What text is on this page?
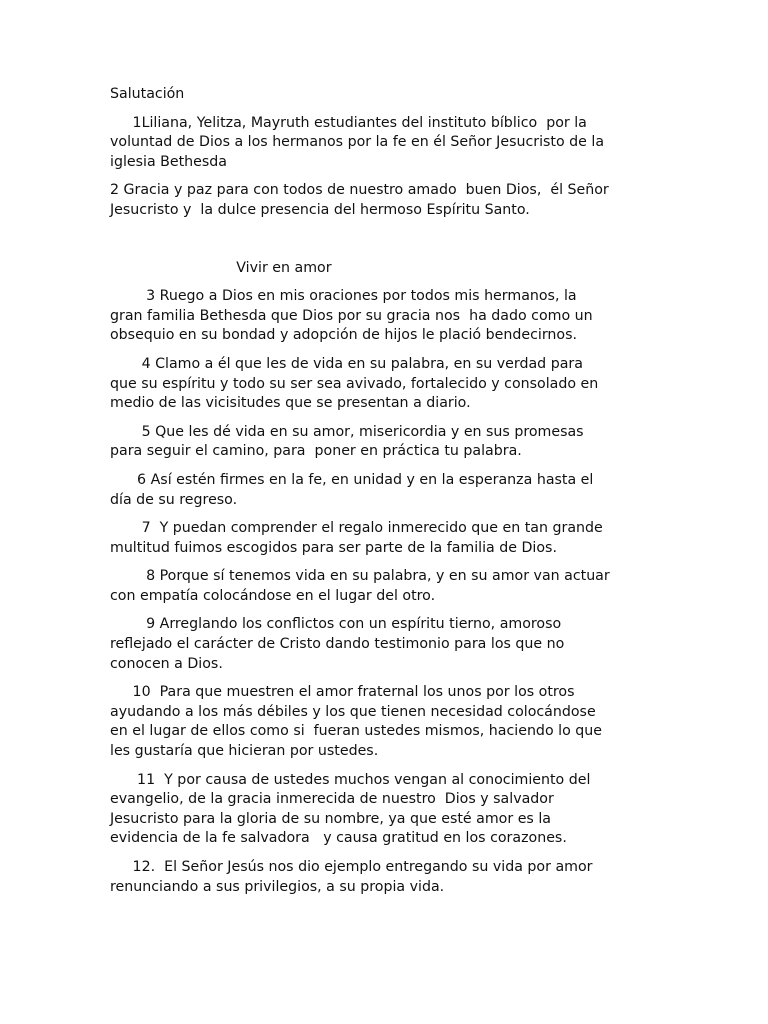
Salutación

1Liliana, Yelitza, Mayruth estudiantes del instituto bíblico  por la

voluntad de Dios a los hermanos por la fe en él Señor Jesucristo de la

iglesia Bethesda

2 Gracia y paz para con todos de nuestro amado  buen Dios,  él Señor

Jesucristo y  la dulce presencia del hermoso Espíritu Santo.

Vivir en amor

3 Ruego a Dios en mis oraciones por todos mis hermanos, la

gran familia Bethesda que Dios por su gracia nos  ha dado como un

obsequio en su bondad y adopción de hijos le plació bendecirnos.

4 Clamo a él que les de vida en su palabra, en su verdad para

que su espíritu y todo su ser sea avivado, fortalecido y consolado en

medio de las vicisitudes que se presentan a diario.

5 Que les dé vida en su amor, misericordia y en sus promesas

para seguir el camino, para  poner en práctica tu palabra.

6 Así estén firmes en la fe, en unidad y en la esperanza hasta el

día de su regreso.

7  Y puedan comprender el regalo inmerecido que en tan grande

multitud fuimos escogidos para ser parte de la familia de Dios.

8 Porque sí tenemos vida en su palabra, y en su amor van actuar

con empatía colocándose en el lugar del otro.

9 Arreglando los conflictos con un espíritu tierno, amoroso

reflejado el carácter de Cristo dando testimonio para los que no

conocen a Dios.

10  Para que muestren el amor fraternal los unos por los otros

ayudando a los más débiles y los que tienen necesidad colocándose

en el lugar de ellos como si  fueran ustedes mismos, haciendo lo que

les gustaría que hicieran por ustedes.

11  Y por causa de ustedes muchos vengan al conocimiento del

evangelio, de la gracia inmerecida de nuestro  Dios y salvador

Jesucristo para la gloria de su nombre, ya que esté amor es la

evidencia de la fe salvadora   y causa gratitud en los corazones.

12.  El Señor Jesús nos dio ejemplo entregando su vida por amor

renunciando a sus privilegios, a su propia vida.
